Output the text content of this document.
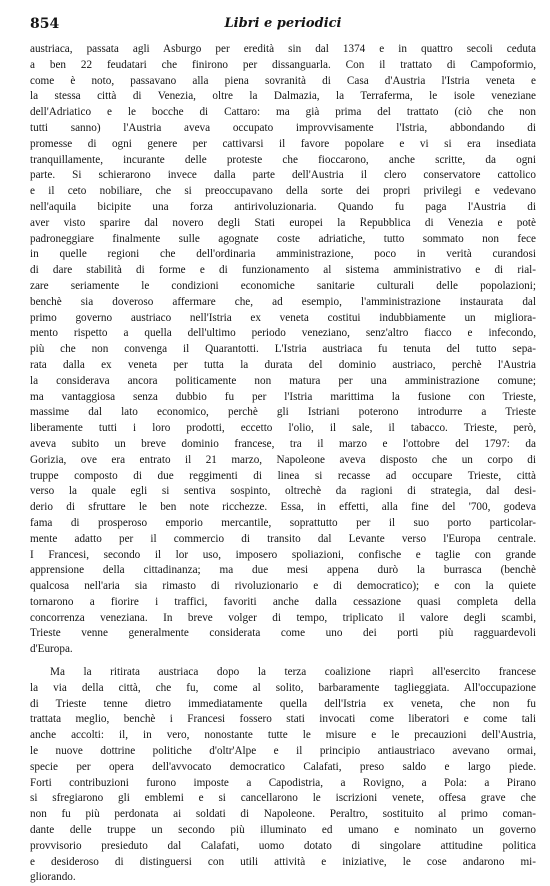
854	Libri e periodici
austriaca, passata agli Asburgo per eredità sin dal 1374 e in quattro secoli ceduta
a ben 22 feudatari che finirono per dissanguarla. Con il trattato di Campoformio,
come è noto, passavano alla piena sovranità di Casa d'Austria l'Istria veneta e
la stessa città di Venezia, oltre la Dalmazia, la Terraferma, le isole veneziane
dell'Adriatico e le bocche di Cattaro: ma già prima del trattato (ciò che non
tutti sanno) l'Austria aveva occupato improvvisamente l'Istria, abbondando di
promesse di ogni genere per cattivarsi il favore popolare e vi si era insediata
tranquillamente, incurante delle proteste che fioccarono, anche scritte, da ogni
parte. Si schierarono invece dalla parte dell'Austria il clero conservatore cattolico
e il ceto nobiliare, che si preoccupavano della sorte dei propri privilegi e vedevano
nell'aquila bicipite una forza antirivoluzionaria. Quando fu paga l'Austria di
aver visto sparire dal novero degli Stati europei la Repubblica di Venezia e potè
padroneggiare finalmente sulle agognate coste adriatiche, tutto sommato non fece
in quelle regioni che dell'ordinaria amministrazione, poco in verità curandosi
di dare stabilità di forme e di funzionamento al sistema amministrativo e di rial-
zare seriamente le condizioni economiche sanitarie culturali delle popolazioni;
benchè sia doveroso affermare che, ad esempio, l'amministrazione instaurata dal
primo governo austriaco nell'Istria ex veneta costitui indubbiamente un migliora-
mento rispetto a quella dell'ultimo periodo veneziano, senz'altro fiacco e infecondo,
più che non convenga il Quarantotti. L'Istria austriaca fu tenuta del tutto sepa-
rata dalla ex veneta per tutta la durata del dominio austriaco, perchè l'Austria
la considerava ancora politicamente non matura per una amministrazione comune;
ma vantaggiosa senza dubbio fu per l'Istria marittima la fusione con Trieste,
massime dal lato economico, perchè gli Istriani poterono introdurre a Trieste
liberamente tutti i loro prodotti, eccetto l'olio, il sale, il tabacco. Trieste, però,
aveva subito un breve dominio francese, tra il marzo e l'ottobre del 1797: da
Gorizia, ove era entrato il 21 marzo, Napoleone aveva disposto che un corpo di
truppe composto di due reggimenti di linea si recasse ad occupare Trieste, città
verso la quale egli si sentiva sospinto, oltrechè da ragioni di strategia, dal desi-
derio di sfruttare le ben note ricchezze. Essa, in effetti, alla fine del '700, godeva
fama di prosperoso emporio mercantile, soprattutto per il suo porto particolar-
mente adatto per il commercio di transito dal Levante verso l'Europa centrale.
I Francesi, secondo il lor uso, imposero spoliazioni, confische e taglie con grande
apprensione della cittadinanza; ma due mesi appena durò la burrasca (benchè
qualcosa nell'aria sia rimasto di rivoluzionario e di democratico); e con la quiete
tornarono a fiorire i traffici, favoriti anche dalla cessazione quasi completa della
concorrenza veneziana. In breve volger di tempo, triplicato il valore degli scambi,
Trieste venne generalmente considerata come uno dei porti più ragguardevoli
d'Europa.
Ma la ritirata austriaca dopo la terza coalizione riaprì all'esercito francese
la via della città, che fu, come al solito, barbaramente taglieggiata. All'occupazione
di Trieste tenne dietro immediatamente quella dell'Istria ex veneta, che non fu
trattata meglio, benchè i Francesi fossero stati invocati come liberatori e come tali
anche accolti: il, in vero, nonostante tutte le misure e le precauzioni dell'Austria,
le nuove dottrine politiche d'oltr'Alpe e il principio antiaustriaco avevano ormai,
specie per opera dell'avvocato democratico Calafati, preso saldo e largo piede.
Forti contribuzioni furono imposte a Capodistria, a Rovigno, a Pola: a Pirano
si sfregiarono gli emblemi e si cancellarono le iscrizioni venete, offesa grave che
non fu più perdonata ai soldati di Napoleone. Peraltro, sostituito al primo coman-
dante delle truppe un secondo più illuminato ed umano e nominato un governo
provvisorio presieduto dal Calafati, uomo dotato di singolare attitudine politica
e desideroso di distinguersi con utili attività e iniziative, le cose andarono mi-
gliorando.
